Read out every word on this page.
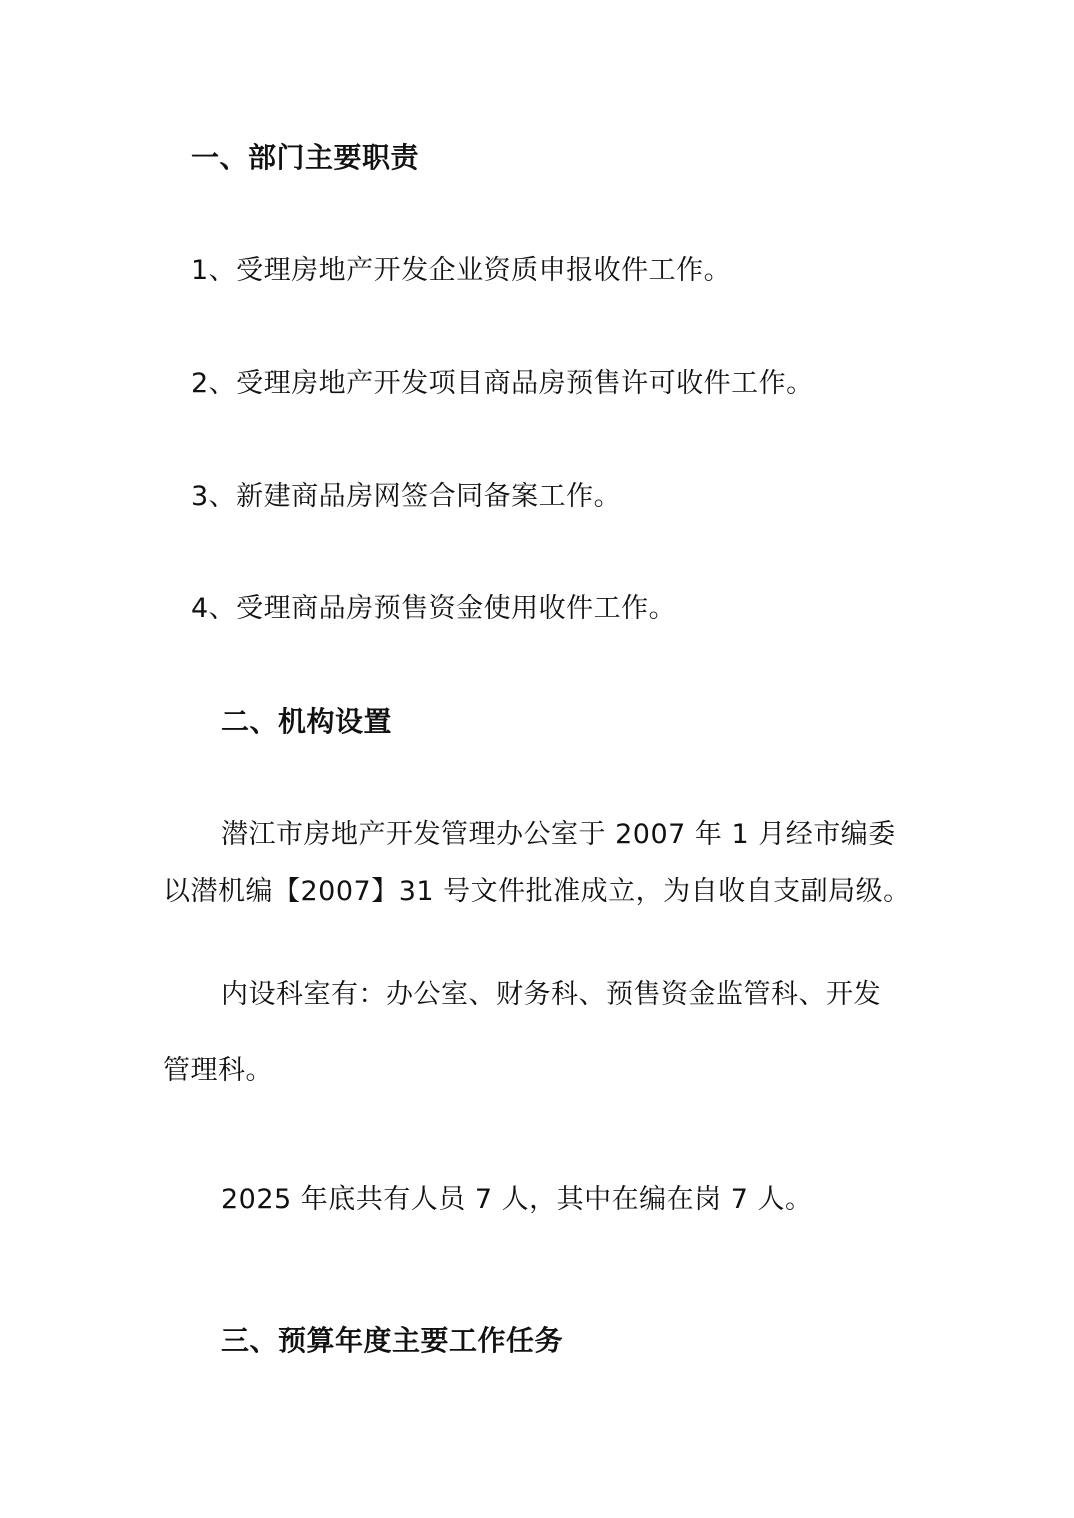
一、部门主要职责

1、受理房地产开发企业资质申报收件工作。

2、受理房地产开发项目商品房预售许可收件工作。

3、新建商品房网签合同备案工作。

4、受理商品房预售资金使用收件工作。

二、机构设置

潜江市房地产开发管理办公室于 2007 年 1 月经市编委

以潜机编【2007】31 号文件批准成立，为自收自支副局级。

内设科室有：办公室、财务科、预售资金监管科、开发

管理科。

2025 年底共有人员 7 人，其中在编在岗 7 人。

三、预算年度主要工作任务
